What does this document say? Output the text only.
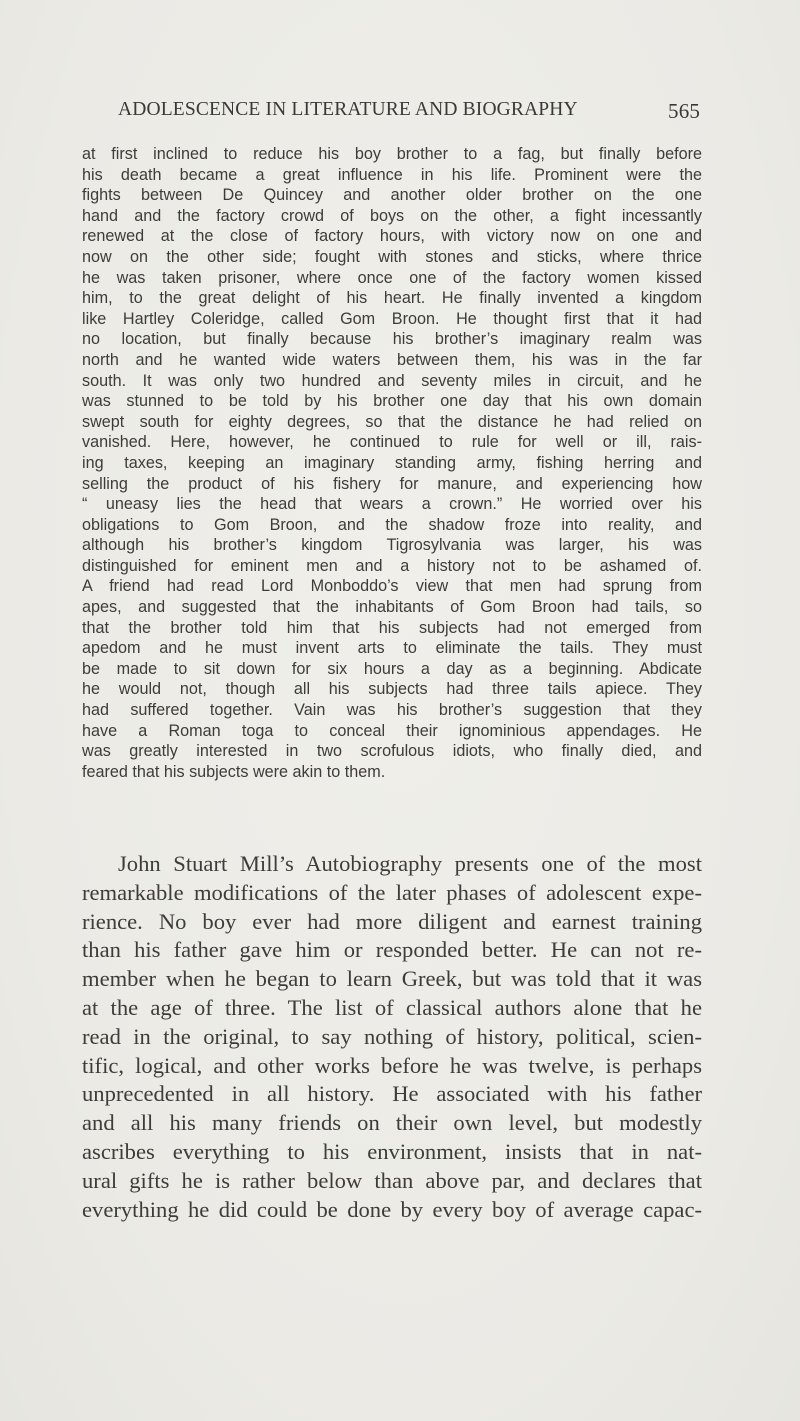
ADOLESCENCE IN LITERATURE AND BIOGRAPHY	565
at first inclined to reduce his boy brother to a fag, but finally before
his death became a great influence in his life. Prominent were the
fights between De Quincey and another older brother on the one
hand and the factory crowd of boys on the other, a fight incessantly
renewed at the close of factory hours, with victory now on one and
now on the other side; fought with stones and sticks, where thrice
he was taken prisoner, where once one of the factory women kissed
him, to the great delight of his heart. He finally invented a kingdom
like Hartley Coleridge, called Gom Broon. He thought first that it had
no location, but finally because his brother’s imaginary realm was
north and he wanted wide waters between them, his was in the far
south. It was only two hundred and seventy miles in circuit, and he
was stunned to be told by his brother one day that his own domain
swept south for eighty degrees, so that the distance he had relied on
vanished. Here, however, he continued to rule for well or ill, rais-
ing taxes, keeping an imaginary standing army, fishing herring and
selling the product of his fishery for manure, and experiencing how
“ uneasy lies the head that wears a crown.” He worried over his
obligations to Gom Broon, and the shadow froze into reality, and
although his brother’s kingdom Tigrosylvania was larger, his was
distinguished for eminent men and a history not to be ashamed of.
A friend had read Lord Monboddo’s view that men had sprung from
apes, and suggested that the inhabitants of Gom Broon had tails, so
that the brother told him that his subjects had not emerged from
apedom and he must invent arts to eliminate the tails. They must
be made to sit down for six hours a day as a beginning. Abdicate
he would not, though all his subjects had three tails apiece. They
had suffered together. Vain was his brother’s suggestion that they
have a Roman toga to conceal their ignominious appendages. He
was greatly interested in two scrofulous idiots, who finally died, and
feared that his subjects were akin to them.
John Stuart Mill’s Autobiography presents one of the most
remarkable modifications of the later phases of adolescent expe-
rience. No boy ever had more diligent and earnest training
than his father gave him or responded better. He can not re-
member when he began to learn Greek, but was told that it was
at the age of three. The list of classical authors alone that he
read in the original, to say nothing of history, political, scien-
tific, logical, and other works before he was twelve, is perhaps
unprecedented in all history. He associated with his father
and all his many friends on their own level, but modestly
ascribes everything to his environment, insists that in nat-
ural gifts he is rather below than above par, and declares that
everything he did could be done by every boy of average capac-
